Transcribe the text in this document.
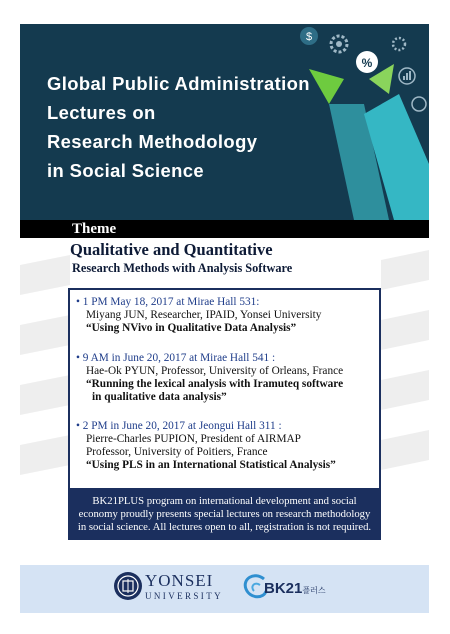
Global Public Administration
Lectures on
Research Methodology
in Social Science
$
%
Theme
Qualitative and Quantitative
Research Methods with Analysis Software
• 1 PM May 18, 2017 at Mirae Hall 531:
Miyang JUN, Researcher, IPAID, Yonsei University
“Using NVivo in Qualitative Data Analysis”
• 9 AM in June 20, 2017 at Mirae Hall 541 :
Hae-Ok PYUN, Professor, University of Orleans, France
“Running the lexical analysis with Iramuteq software
in qualitative data analysis”
• 2 PM in June 20, 2017 at Jeongui Hall 311 :
Pierre-Charles PUPION, President of AIRMAP
Professor, University of Poitiers, France
“Using PLS in an International Statistical Analysis”
BK21PLUS program on international development and social
economy proudly presents special lectures on research methodology
in social science. All lectures open to all, registration is not required.
YONSEI
UNIVERSITY	BK21플러스
